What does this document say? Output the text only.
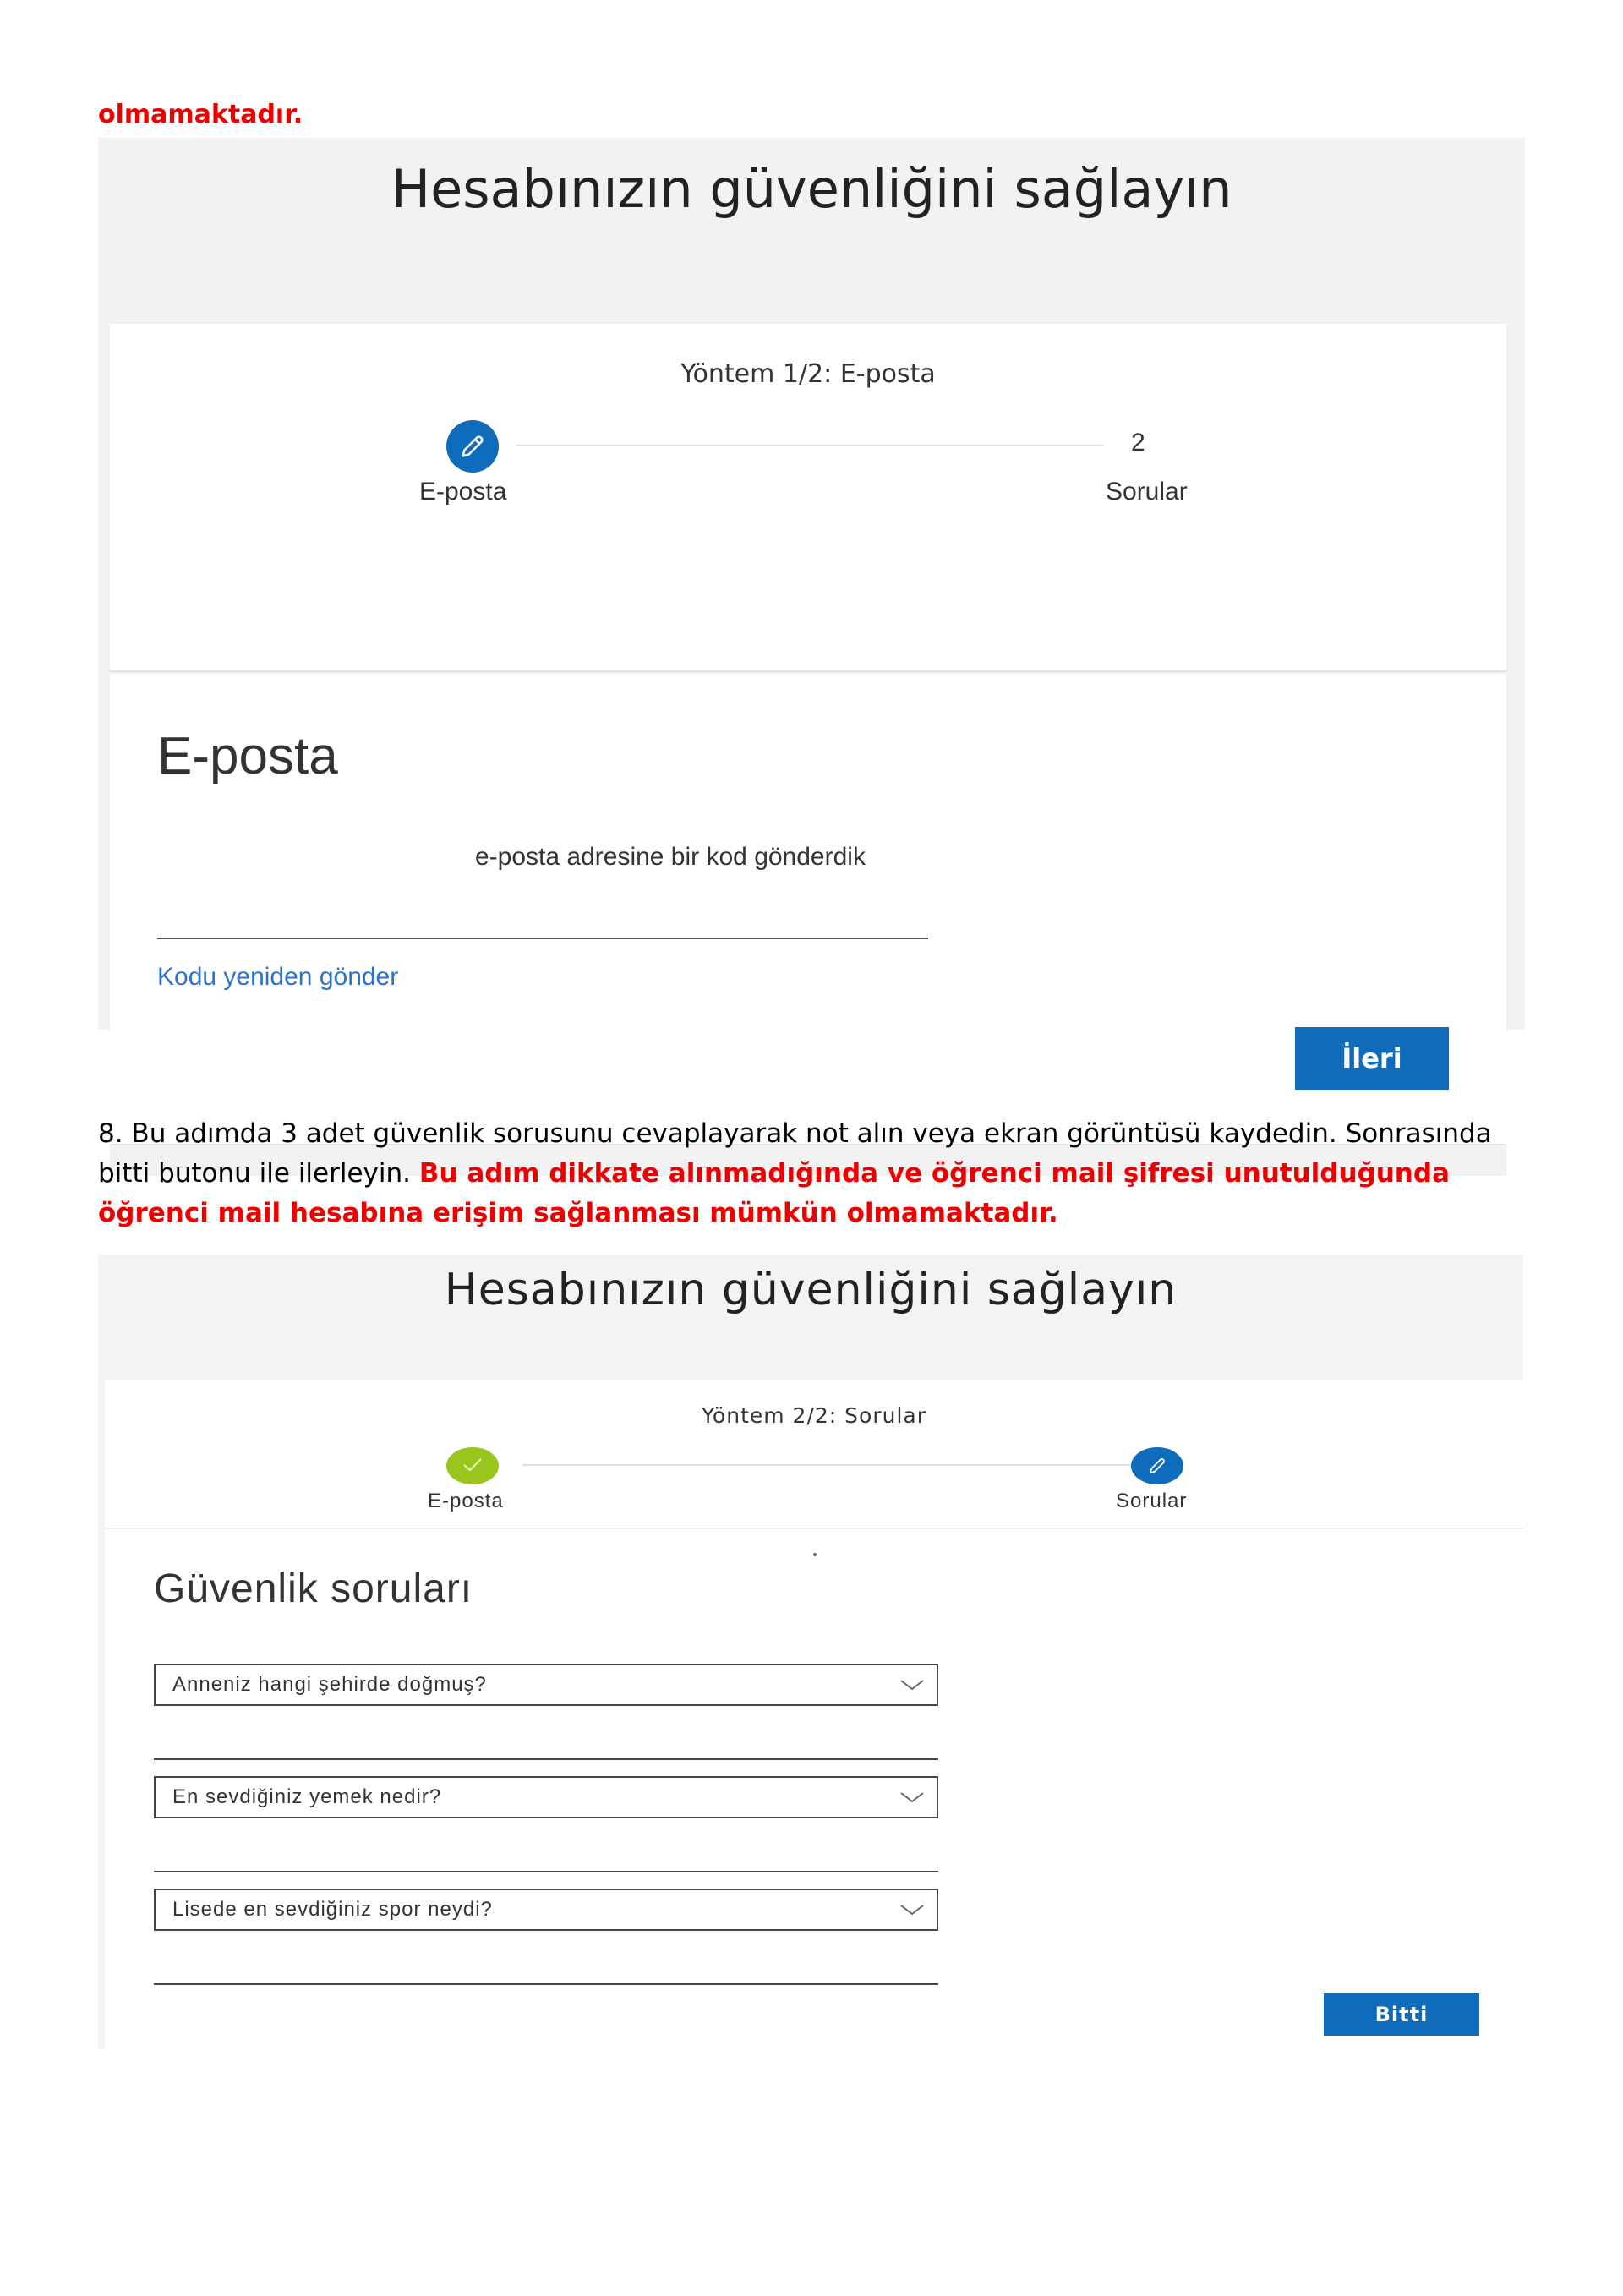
olmamaktadır.
Hesabınızın güvenliğini sağlayın
Yöntem 1/2: E-posta
2
E-posta	Sorular
E-posta
e-posta adresine bir kod gönderdik
Kodu yeniden gönder
İleri
8. Bu adımda 3 adet güvenlik sorusunu cevaplayarak not alın veya ekran görüntüsü kaydedin. Sonrasında bitti butonu ile ilerleyin. Bu adım dikkate alınmadığında ve öğrenci mail şifresi unutulduğunda öğrenci mail hesabına erişim sağlanması mümkün olmamaktadır.
Hesabınızın güvenliğini sağlayın
Yöntem 2/2: Sorular
E-posta	Sorular
Güvenlik soruları
Anneniz hangi şehirde doğmuş?
En sevdiğiniz yemek nedir?
Lisede en sevdiğiniz spor neydi?
Bitti
